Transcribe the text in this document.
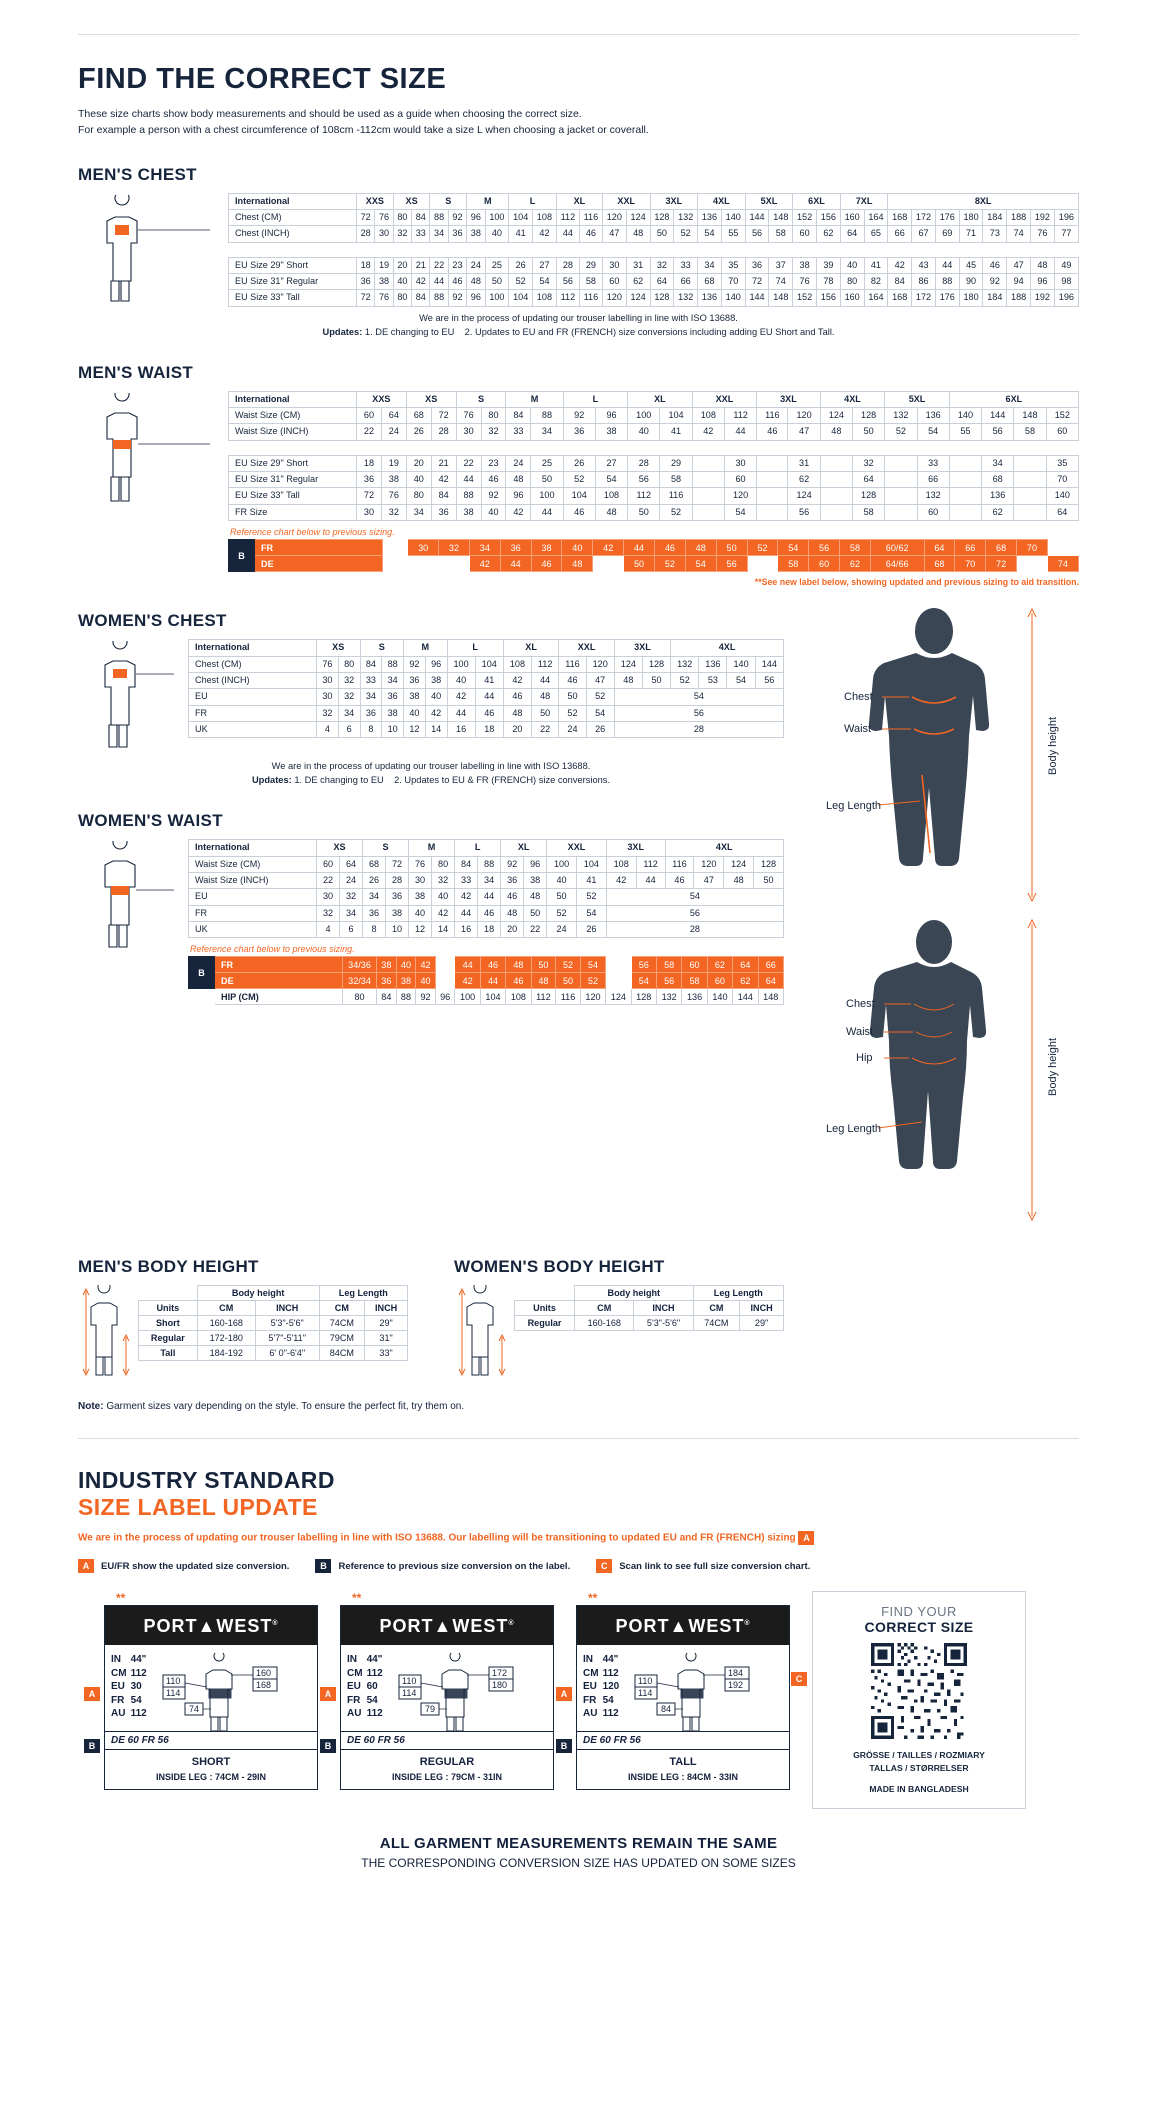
FIND THE CORRECT SIZE
These size charts show body measurements and should be used as a guide when choosing the correct size.
For example a person with a chest circumference of 108cm -112cm would take a size L when choosing a jacket or coverall.
MEN'S CHEST
International	XXS		XS		S		M		L		XL		XXL		3XL		4XL		5XL		6XL		7XL		8XL							
Chest (CM)	72	76	80	84	88	92	96	100	104	108	112	116	120	124	128	132	136	140	144	148	152	156	160	164	168	172	176	180	184	188	192	196
Chest (INCH)	28	30	32	33	34	36	38	40	41	42	44	46	47	48	50	52	54	55	56	58	60	62	64	65	66	67	69	71	73	74	76	77

EU Size 29" Short	18	19	20	21	22	23	24	25	26	27	28	29	30	31	32	33	34	35	36	37	38	39	40	41	42	43	44	45	46	47	48	49
EU Size 31" Regular	36	38	40	42	44	46	48	50	52	54	56	58	60	62	64	66	68	70	72	74	76	78	80	82	84	86	88	90	92	94	96	98
EU Size 33" Tall	72	76	80	84	88	92	96	100	104	108	112	116	120	124	128	132	136	140	144	148	152	156	160	164	168	172	176	180	184	188	192	196
We are in the process of updating our trouser labelling in line with ISO 13688.
Updates: 1. DE changing to EU 2. Updates to EU and FR (FRENCH) size conversions including adding EU Short and Tall.
MEN'S WAIST
International	XXS		XS		S		M		L		XL		XXL		3XL		4XL		5XL		6XL			
Waist Size (CM)	60	64	68	72	76	80	84	88	92	96	100	104	108	112	116	120	124	128	132	136	140	144	148	152
Waist Size (INCH)	22	24	26	28	30	32	33	34	36	38	40	41	42	44	46	47	48	50	52	54	55	56	58	60

EU Size 29" Short	18	19	20	21	22	23	24	25	26	27	28	29		30		31		32		33		34		35
EU Size 31" Regular	36	38	40	42	44	46	48	50	52	54	56	58		60		62		64		66		68		70
EU Size 33" Tall	72	76	80	84	88	92	96	100	104	108	112	116		120		124		128		132		136		140
FR Size	30	32	34	36	38	40	42	44	46	48	50	52		54		56		58		60		62		64
Reference chart below to previous sizing.
B	FR			30	32	34	36	38	40	42	44	46	48	50	52	54	56	58	60/62	64	66	68	70	
	DE					42	44	46	48		50	52	54	56		58	60	62	64/66	68	70	72		74
**See new label below, showing updated and previous sizing to aid transition.
WOMEN'S CHEST
International	XS		S		M		L		XL		XXL		3XL		4XL			
Chest (CM)	76	80	84	88	92	96	100	104	108	112	116	120	124	128	132	136	140	144
Chest (INCH)	30	32	33	34	36	38	40	41	42	44	46	47	48	50	52	53	54	56
EU	30	32	34	36	38	40	42	44	46	48	50	52	54					
FR	32	34	36	38	40	42	44	46	48	50	52	54	56					
UK	4	6	8	10	12	14	16	18	20	22	24	26	28					
We are in the process of updating our trouser labelling in line with ISO 13688.
Updates: 1. DE changing to EU 2. Updates to EU & FR (FRENCH) size conversions.
WOMEN'S WAIST
International	XS		S		M		L		XL		XXL		3XL		4XL			
Waist Size (CM)	60	64	68	72	76	80	84	88	92	96	100	104	108	112	116	120	124	128
Waist Size (INCH)	22	24	26	28	30	32	33	34	36	38	40	41	42	44	46	47	48	50
EU	30	32	34	36	38	40	42	44	46	48	50	52	54					
FR	32	34	36	38	40	42	44	46	48	50	52	54	56					
UK	4	6	8	10	12	14	16	18	20	22	24	26	28					
Reference chart below to previous sizing.
B	FR	34/36	38	40	42		44	46	48	50	52	54		56	58	60	62	64	66
	DE	32/34	36	38	40		42	44	46	48	50	52		54	56	58	60	62	64
	HIP (CM)	80	84	88	92	96	100	104	108	112	116	120	124	128	132	136	140	144	148
Chest
Waist
Leg Length
Body height
Chest
Waist
Hip
Leg Length
Body height
MEN'S BODY HEIGHT
	Body height		Leg Length	
Units	CM	INCH	CM	INCH
Short	160-168	5'3"-5'6"	74CM	29"
Regular	172-180	5'7"-5'11"	79CM	31"
Tall	184-192	6' 0"-6'4"	84CM	33"
WOMEN'S BODY HEIGHT
	Body height		Leg Length	
Units	CM	INCH	CM	INCH
Regular	160-168	5'3"-5'6"	74CM	29"
Note: Garment sizes vary depending on the style. To ensure the perfect fit, try them on.
INDUSTRY STANDARD
SIZE LABEL UPDATE
We are in the process of updating our trouser labelling in line with ISO 13688. Our labelling will be transitioning to updated EU and FR (FRENCH) sizing A
A	EU/FR show the updated size conversion.	B	Reference to previous size conversion on the label.	C	Scan link to see full size conversion chart.
**
PORT▲WEST®
IN	44"
CM	112
EU	30
FR	54
AU	112
110
114
160
168
74
DE 60 FR 56
SHORT
INSIDE LEG : 74CM - 29IN
A
B
**
PORT▲WEST®
IN	44"
CM	112
EU	60
FR	54
AU	112
110
114
172
180
79
DE 60 FR 56
REGULAR
INSIDE LEG : 79CM - 31IN
A
B
**
PORT▲WEST®
IN	44"
CM	112
EU	120
FR	54
AU	112
110
114
184
192
84
DE 60 FR 56
TALL
INSIDE LEG : 84CM - 33IN
A
B
FIND YOUR
CORRECT SIZE
GRÖSSE / TAILLES / ROZMIARY
TALLAS / STØRRELSER
MADE IN BANGLADESH
C
ALL GARMENT MEASUREMENTS REMAIN THE SAME
THE CORRESPONDING CONVERSION SIZE HAS UPDATED ON SOME SIZES
